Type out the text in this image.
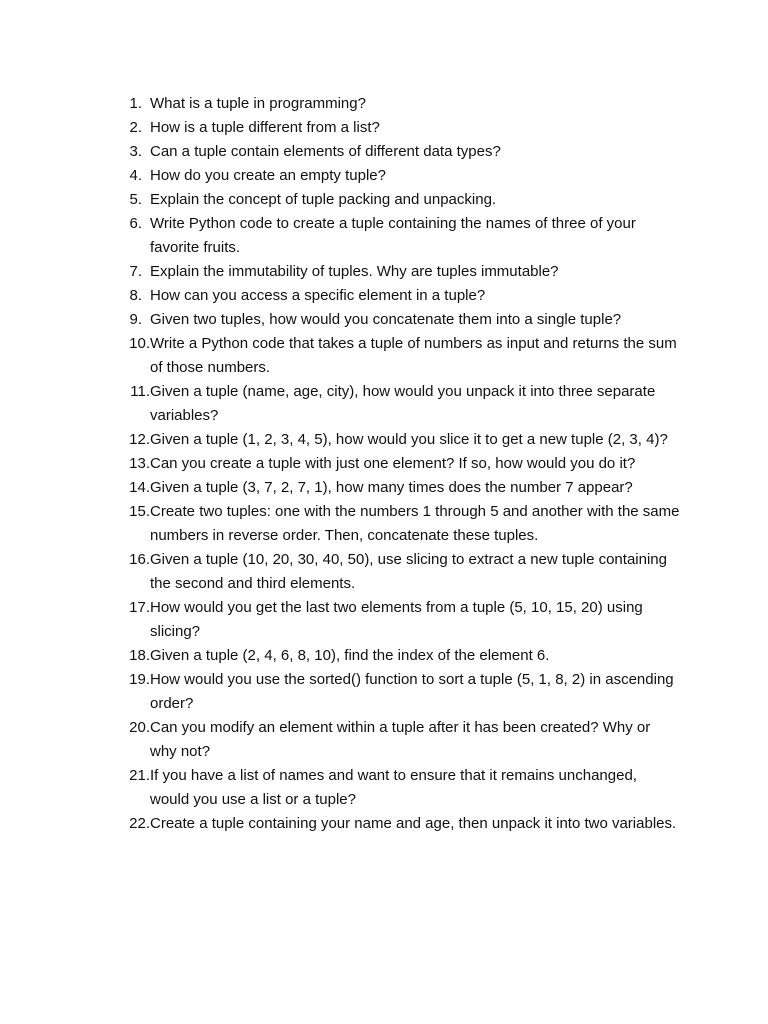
1. What is a tuple in programming?
2. How is a tuple different from a list?
3. Can a tuple contain elements of different data types?
4. How do you create an empty tuple?
5. Explain the concept of tuple packing and unpacking.
6. Write Python code to create a tuple containing the names of three of your favorite fruits.
7. Explain the immutability of tuples. Why are tuples immutable?
8. How can you access a specific element in a tuple?
9. Given two tuples, how would you concatenate them into a single tuple?
10. Write a Python code that takes a tuple of numbers as input and returns the sum of those numbers.
11. Given a tuple (name, age, city), how would you unpack it into three separate variables?
12. Given a tuple (1, 2, 3, 4, 5), how would you slice it to get a new tuple (2, 3, 4)?
13. Can you create a tuple with just one element? If so, how would you do it?
14. Given a tuple (3, 7, 2, 7, 1), how many times does the number 7 appear?
15. Create two tuples: one with the numbers 1 through 5 and another with the same numbers in reverse order. Then, concatenate these tuples.
16. Given a tuple (10, 20, 30, 40, 50), use slicing to extract a new tuple containing the second and third elements.
17. How would you get the last two elements from a tuple (5, 10, 15, 20) using slicing?
18. Given a tuple (2, 4, 6, 8, 10), find the index of the element 6.
19. How would you use the sorted() function to sort a tuple (5, 1, 8, 2) in ascending order?
20. Can you modify an element within a tuple after it has been created? Why or why not?
21. If you have a list of names and want to ensure that it remains unchanged, would you use a list or a tuple?
22. Create a tuple containing your name and age, then unpack it into two variables.
